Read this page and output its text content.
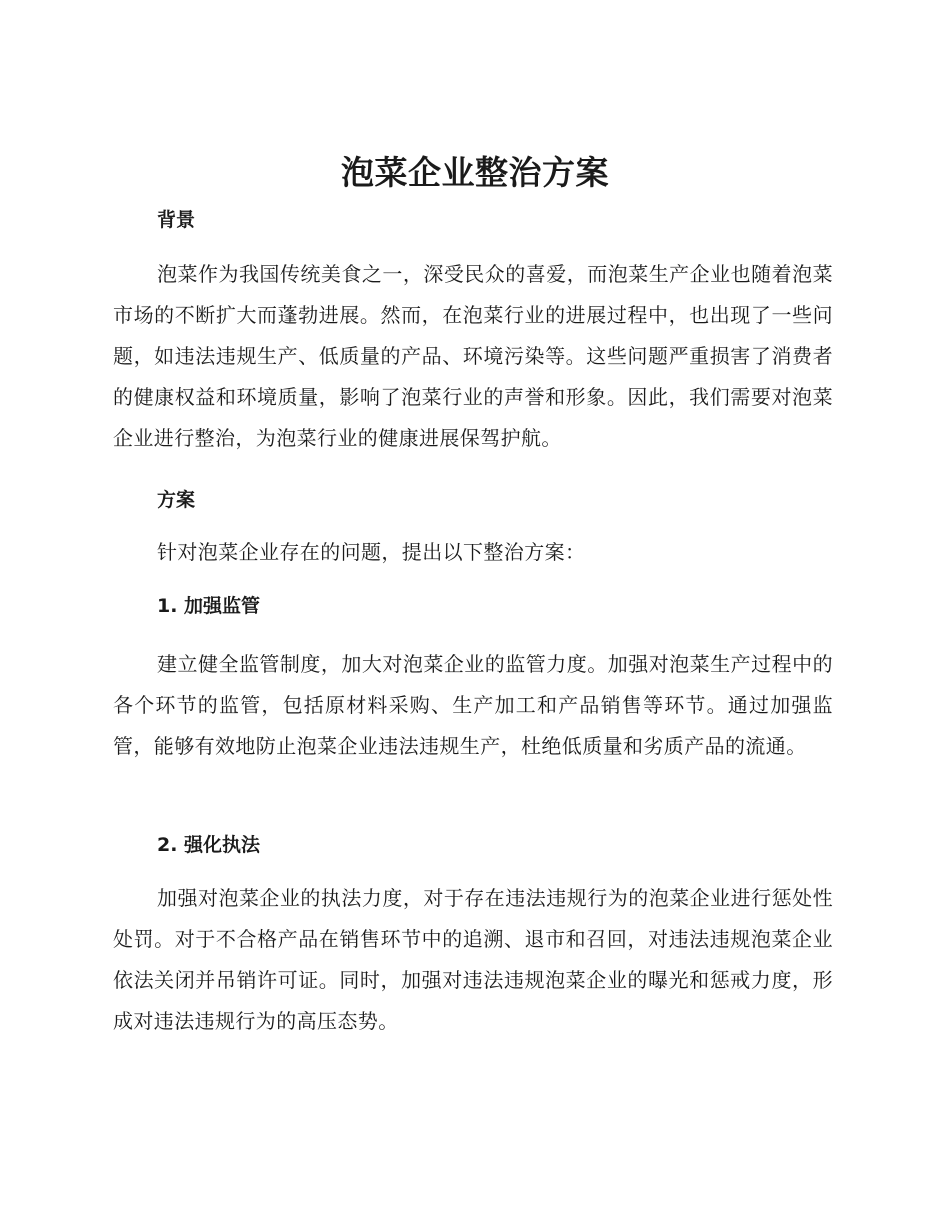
泡菜企业整治方案
背景

泡菜作为我国传统美食之一，深受民众的喜爱，而泡菜生产企业也随着泡菜市场的不断扩大而蓬勃进展。然而，在泡菜行业的进展过程中，也出现了一些问题，如违法违规生产、低质量的产品、环境污染等。这些问题严重损害了消费者的健康权益和环境质量，影响了泡菜行业的声誉和形象。因此，我们需要对泡菜企业进行整治，为泡菜行业的健康进展保驾护航。

方案

针对泡菜企业存在的问题，提出以下整治方案：

1. 加强监管

建立健全监管制度，加大对泡菜企业的监管力度。加强对泡菜生产过程中的各个环节的监管，包括原材料采购、生产加工和产品销售等环节。通过加强监管，能够有效地防止泡菜企业违法违规生产，杜绝低质量和劣质产品的流通。

2. 强化执法

加强对泡菜企业的执法力度，对于存在违法违规行为的泡菜企业进行惩处性处罚。对于不合格产品在销售环节中的追溯、退市和召回，对违法违规泡菜企业依法关闭并吊销许可证。同时，加强对违法违规泡菜企业的曝光和惩戒力度，形成对违法违规行为的高压态势。
